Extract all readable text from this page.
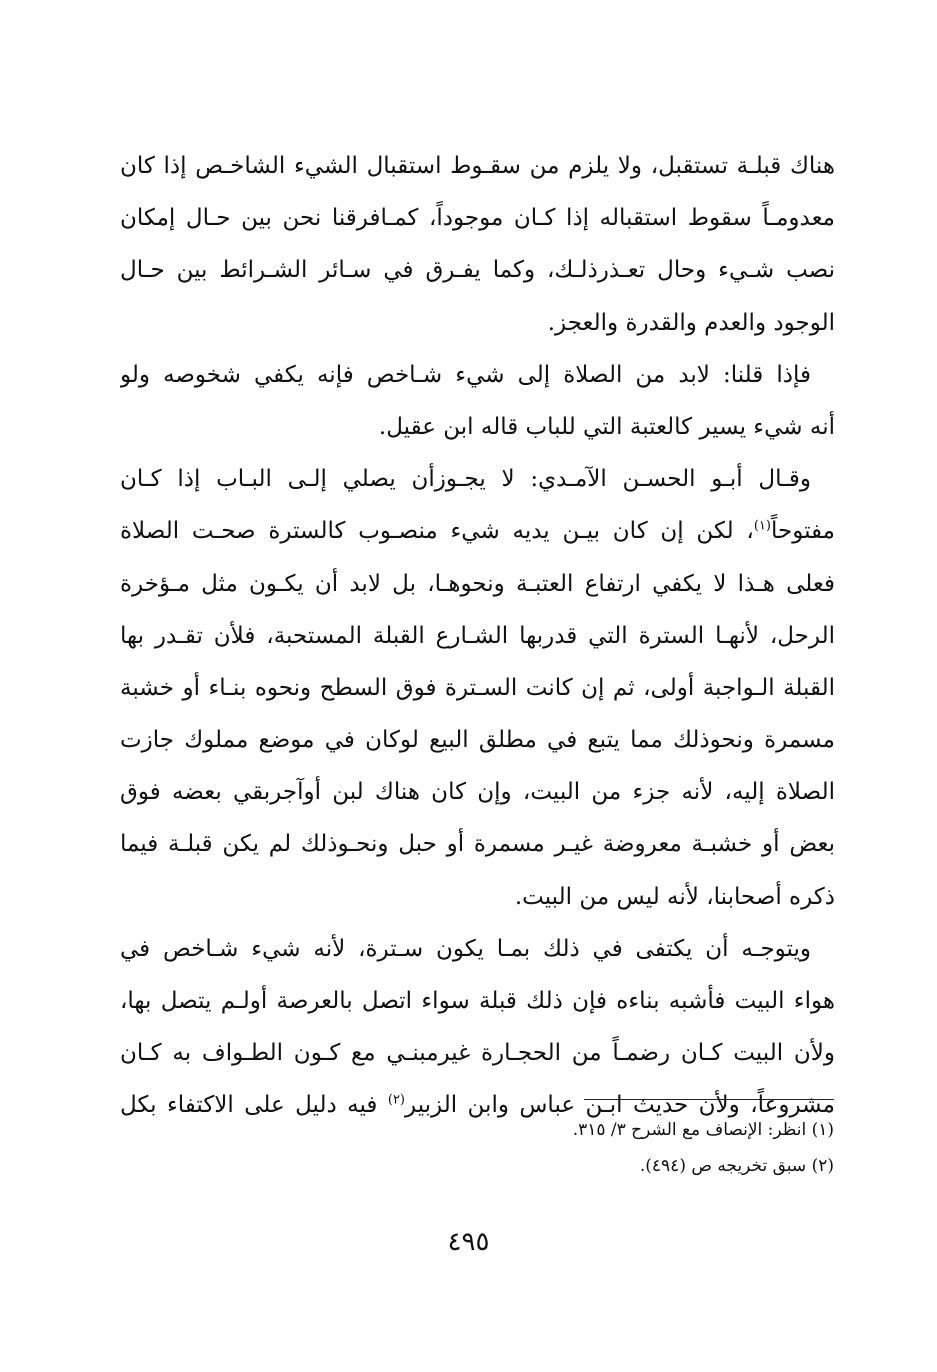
هناك قبلـة تستقبل، ولا يلزم من سقـوط استقبال الشيء الشاخـص إذا كان
معدومـاً سقوط استقباله إذا كـان موجوداً، كمـافرقنا نحن بين حـال إمكان
نصب شـيء وحال تعـذرذلـك، وكما يفـرق في سـائر الشـرائط بين حـال
الوجود والعدم والقدرة والعجز.
فإذا قلنا: لابد من الصلاة إلى شيء شـاخص فإنه يكفي شخوصه ولو
أنه شيء يسير كالعتبة التي للباب قاله ابن عقيل.
وقـال أبـو الحسـن الآمـدي: لا يجـوزأن يصلي إلـى البـاب إذا كـان
مفتوحاً$^{(١)}$، لكن إن كان بيـن يديه شيء منصـوب كالسترة صحـت الصلاة
فعلى هـذا لا يكفي ارتفاع العتبـة ونحوهـا، بل لابد أن يكـون مثل مـؤخرة
الرحل، لأنهـا السترة التي قدربها الشـارع القبلة المستحبة، فلأن تقـدر بها
القبلة الـواجبة أولى، ثم إن كانت السـترة فوق السطح ونحوه بنـاء أو خشبة
مسمرة ونحوذلك مما يتبع في مطلق البيع لوكان في موضع مملوك جازت
الصلاة إليه، لأنه جزء من البيت، وإن كان هناك لبن أوآجربقي بعضه فوق
بعض أو خشبـة معروضة غيـر مسمرة أو حبل ونحـوذلك لم يكن قبلـة فيما
ذكره أصحابنا، لأنه ليس من البيت.
ويتوجـه أن يكتفى في ذلك بمـا يكون سـترة، لأنه شيء شـاخص في
هواء البيت فأشبه بناءه فإن ذلك قبلة سواء اتصل بالعرصة أولـم يتصل بها،
ولأن البيت كـان رضمـاً من الحجـارة غيرمبنـي مع كـون الطـواف به كـان
مشروعاً، ولأن حديث ابـن عباس وابن الزبير$^{(٢)}$ فيه دليل على الاكتفاء بكل
(١) انظر: الإنصاف مع الشرح ٣/ ٣١٥.
(٢) سبق تخريجه ص (٤٩٤).
٤٩٥
